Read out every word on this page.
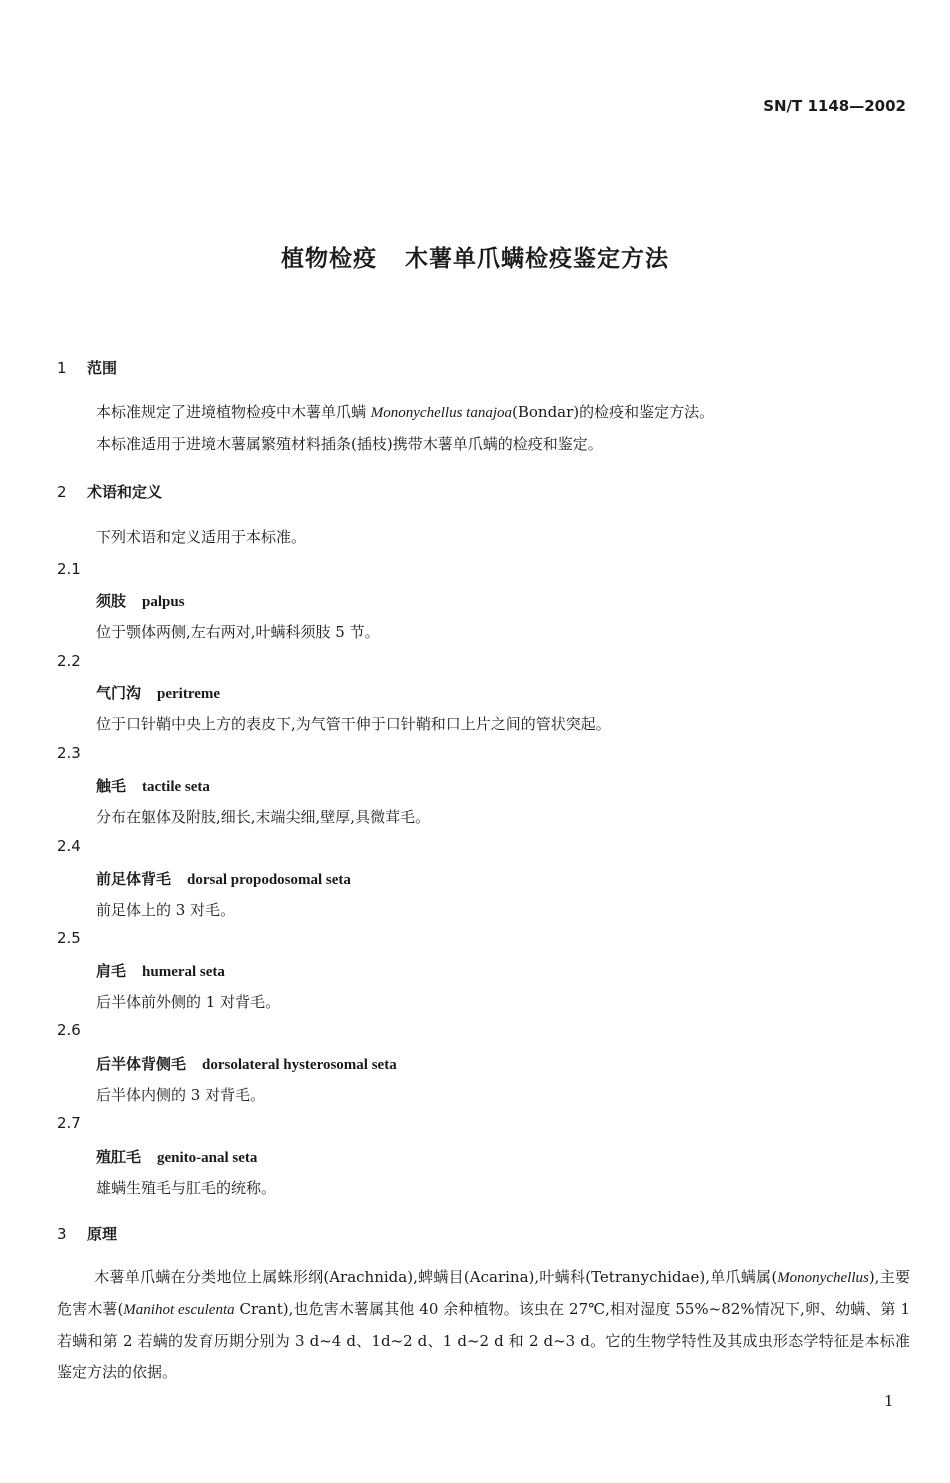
SN/T 1148—2002
植物检疫 木薯单爪螨检疫鉴定方法
1 范围
本标准规定了进境植物检疫中木薯单爪螨 Mononychellus tanajoa(Bondar)的检疫和鉴定方法。
本标准适用于进境木薯属繁殖材料插条(插枝)携带木薯单爪螨的检疫和鉴定。
2 术语和定义
下列术语和定义适用于本标准。
2.1
须肢 palpus
位于颚体两侧,左右两对,叶螨科须肢 5 节。
2.2
气门沟 peritreme
位于口针鞘中央上方的表皮下,为气管干伸于口针鞘和口上片之间的管状突起。
2.3
触毛 tactile seta
分布在躯体及附肢,细长,末端尖细,壁厚,具微茸毛。
2.4
前足体背毛 dorsal propodosomal seta
前足体上的 3 对毛。
2.5
肩毛 humeral seta
后半体前外侧的 1 对背毛。
2.6
后半体背侧毛 dorsolateral hysterosomal seta
后半体内侧的 3 对背毛。
2.7
殖肛毛 genito-anal seta
雄螨生殖毛与肛毛的统称。
3 原理
木薯单爪螨在分类地位上属蛛形纲(Arachnida),蜱螨目(Acarina),叶螨科(Tetranychidae),单爪螨属(Mononychellus),主要危害木薯(Manihot esculenta Crant),也危害木薯属其他 40 余种植物。该虫在 27℃,相对湿度 55%~82%情况下,卵、幼螨、第 1 若螨和第 2 若螨的发育历期分别为 3 d~4 d、1d~2 d、1 d~2 d 和 2 d~3 d。它的生物学特性及其成虫形态学特征是本标准鉴定方法的依据。
1
